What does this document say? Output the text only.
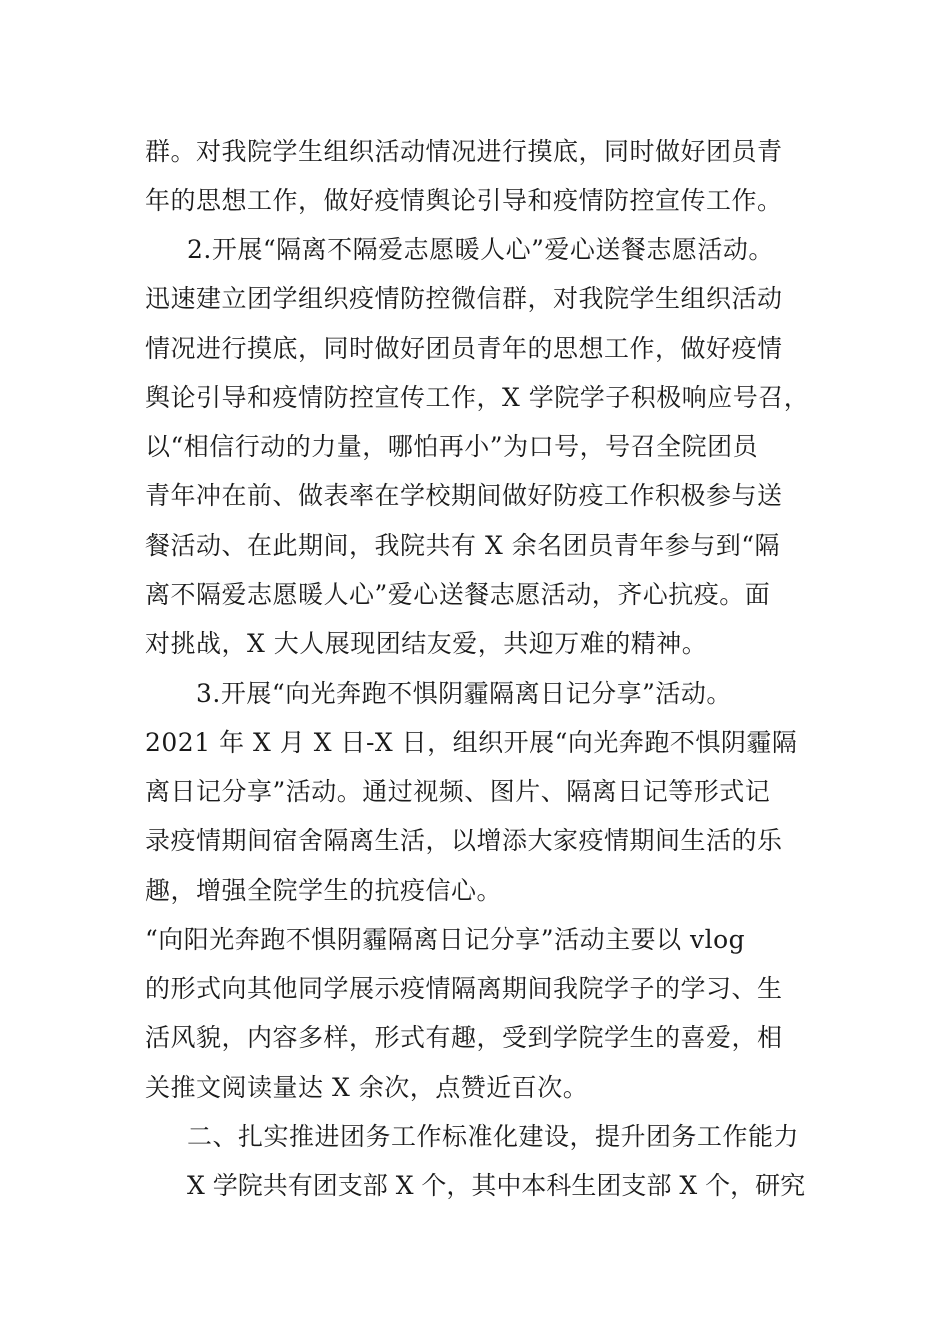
群。对我院学生组织活动情况进行摸底，同时做好团员青
年的思想工作，做好疫情舆论引导和疫情防控宣传工作。
2.开展“隔离不隔爱志愿暖人心”爱心送餐志愿活动。
迅速建立团学组织疫情防控微信群，对我院学生组织活动
情况进行摸底，同时做好团员青年的思想工作，做好疫情
舆论引导和疫情防控宣传工作，X 学院学子积极响应号召，
以“相信行动的力量，哪怕再小”为口号，号召全院团员
青年冲在前、做表率在学校期间做好防疫工作积极参与送
餐活动、在此期间，我院共有 X 余名团员青年参与到“隔
离不隔爱志愿暖人心”爱心送餐志愿活动，齐心抗疫。面
对挑战，X 大人展现团结友爱，共迎万难的精神。
3.开展“向光奔跑不惧阴霾隔离日记分享”活动。
2021 年 X 月 X 日-X 日，组织开展“向光奔跑不惧阴霾隔
离日记分享”活动。通过视频、图片、隔离日记等形式记
录疫情期间宿舍隔离生活，以增添大家疫情期间生活的乐
趣，增强全院学生的抗疫信心。
“向阳光奔跑不惧阴霾隔离日记分享”活动主要以 vlog
的形式向其他同学展示疫情隔离期间我院学子的学习、生
活风貌，内容多样，形式有趣，受到学院学生的喜爱，相
关推文阅读量达 X 余次，点赞近百次。
二、扎实推进团务工作标准化建设，提升团务工作能力
X 学院共有团支部 X 个，其中本科生团支部 X 个，研究
